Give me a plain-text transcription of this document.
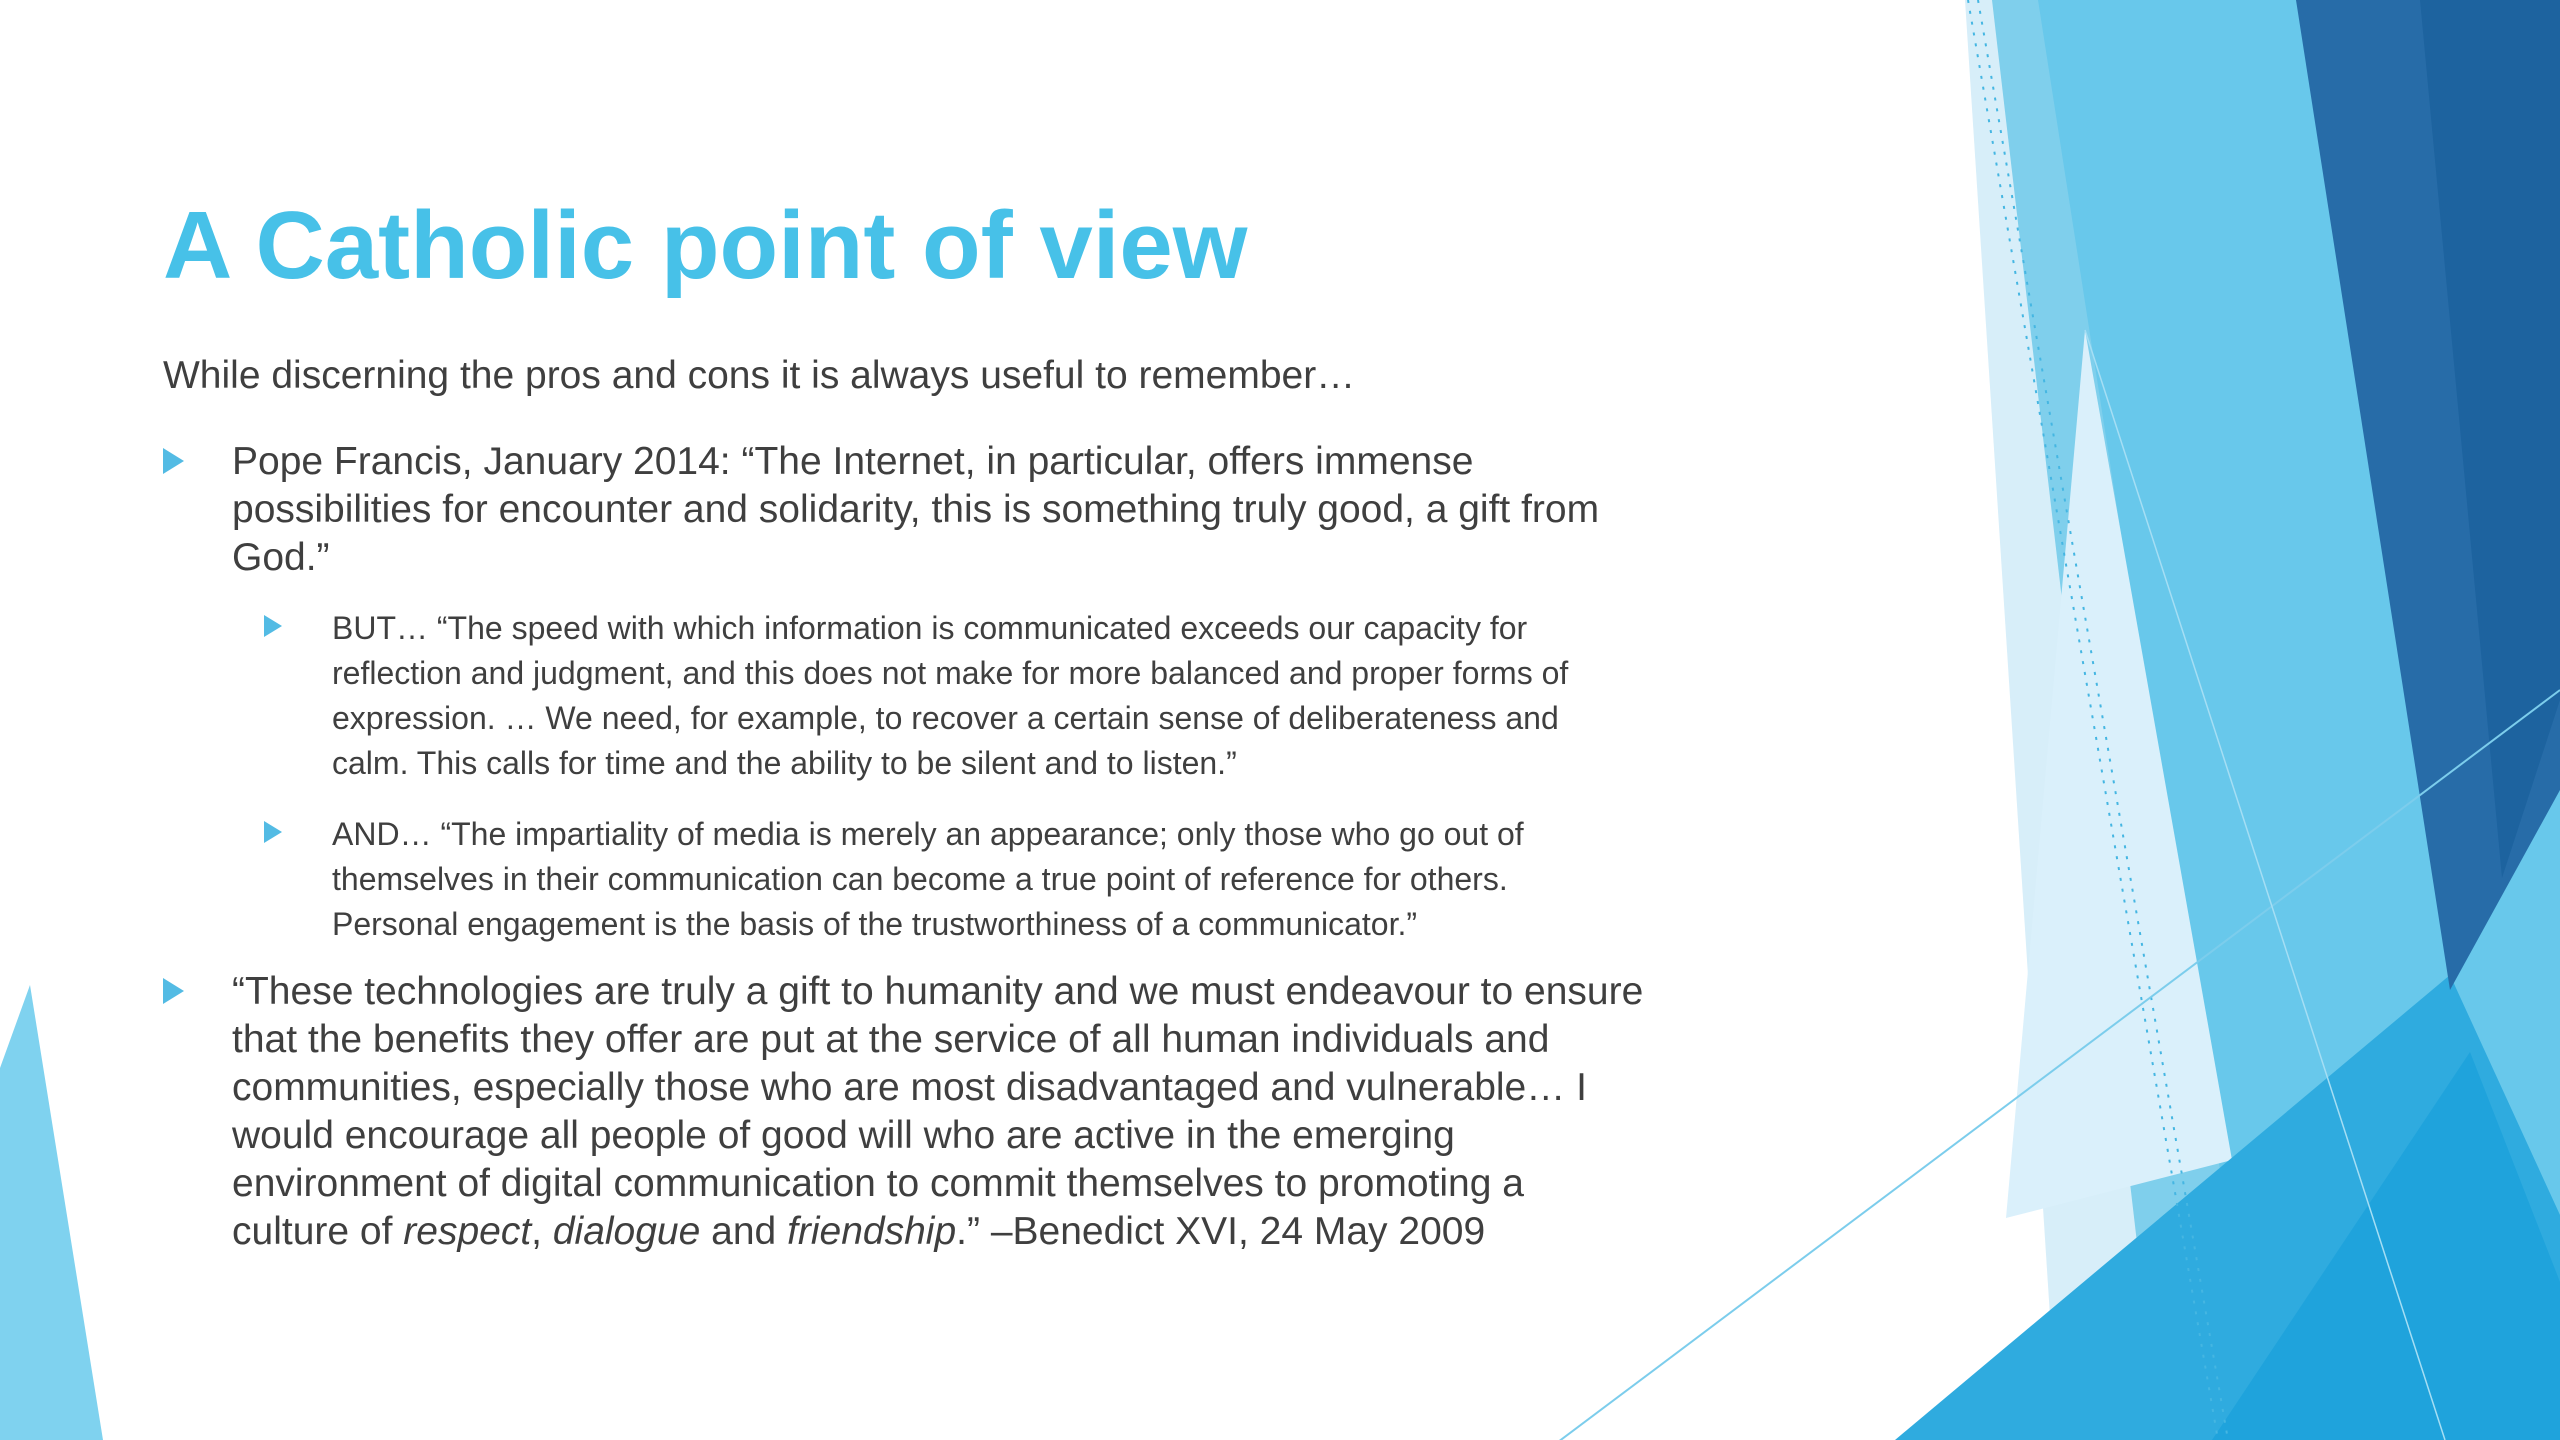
A Catholic point of view
While discerning the pros and cons it is always useful to remember…
Pope Francis, January 2014: “The Internet, in particular, offers immense
possibilities for encounter and solidarity, this is something truly good, a gift from
God.”
BUT… “The speed with which information is communicated exceeds our capacity for
reflection and judgment, and this does not make for more balanced and proper forms of
expression. … We need, for example, to recover a certain sense of deliberateness and
calm. This calls for time and the ability to be silent and to listen.”
AND… “The impartiality of media is merely an appearance; only those who go out of
themselves in their communication can become a true point of reference for others.
Personal engagement is the basis of the trustworthiness of a communicator.”
“These technologies are truly a gift to humanity and we must endeavour to ensure
that the benefits they offer are put at the service of all human individuals and
communities, especially those who are most disadvantaged and vulnerable… I
would encourage all people of good will who are active in the emerging
environment of digital communication to commit themselves to promoting a
culture of respect, dialogue and friendship.” –Benedict XVI, 24 May 2009
